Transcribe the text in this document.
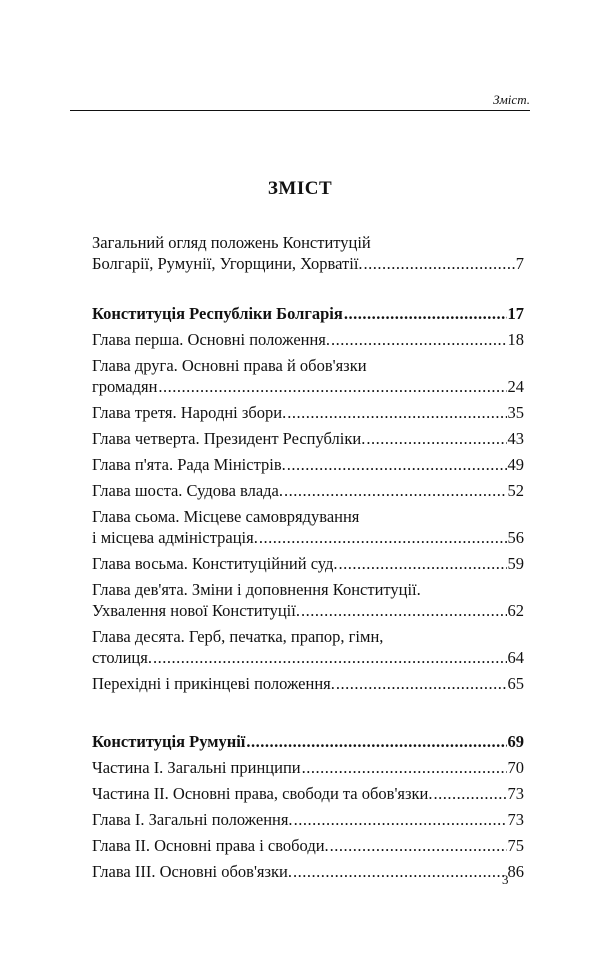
Зміст.
ЗМІСТ
Загальний огляд положень Конституцій
Болгарії, Румунії, Угорщини, Хорватії. .....	7
Конституція Республіки Болгарія .....	17
Глава перша. Основні положення. .....	18
Глава друга. Основні права й обов'язки
громадян .....	24
Глава третя. Народні збори. .....	35
Глава четверта. Президент Республіки. .....	43
Глава п'ята. Рада Міністрів. .....	49
Глава шоста. Судова влада. .....	52
Глава сьома. Місцеве самоврядування
і місцева адміністрація. .....	56
Глава восьма. Конституційний суд. .....	59
Глава дев'ята. Зміни і доповнення Конституції.
Ухвалення нової Конституції. .....	62
Глава десята. Герб, печатка, прапор, гімн,
столиця. .....	64
Перехідні і прикінцеві положення. .....	65
Конституція Румунії .....	69
Частина І. Загальні принципи .....	70
Частина II. Основні права, свободи та обов'язки. .....	73
Глава І. Загальні положення. .....	73
Глава II. Основні права і свободи. .....	75
Глава III. Основні обов'язки. .....	86
3
